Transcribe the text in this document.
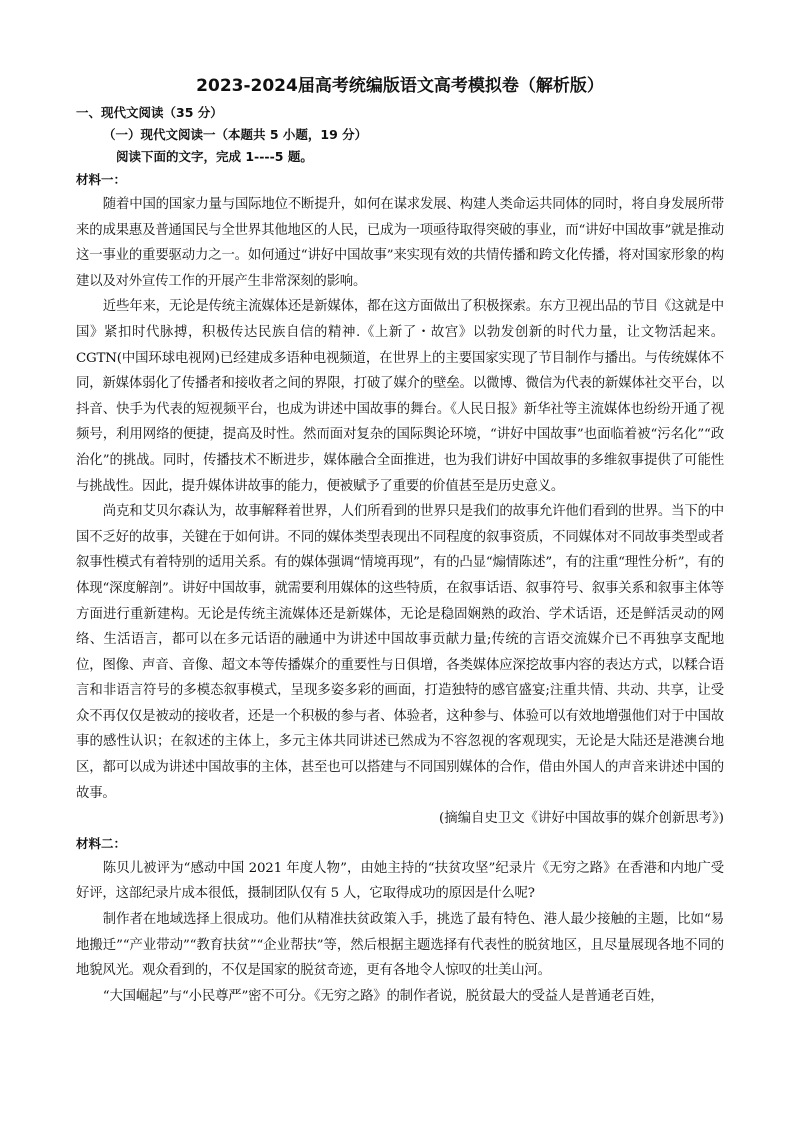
2023-2024届高考统编版语文高考模拟卷（解析版）

一、现代文阅读（35 分）

（一）现代文阅读一（本题共 5 小题，19 分）

阅读下面的文字，完成 1----5 题。

材料一：

随着中国的国家力量与国际地位不断提升，如何在谋求发展、构建人类命运共同体的同时，将自身发展所带来的成果惠及普通国民与全世界其他地区的人民，已成为一项亟待取得突破的事业，而“讲好中国故事”就是推动这一事业的重要驱动力之一。如何通过“讲好中国故事”来实现有效的共情传播和跨文化传播，将对国家形象的构建以及对外宣传工作的开展产生非常深刻的影响。

近些年来，无论是传统主流媒体还是新媒体，都在这方面做出了积极探索。东方卫视出品的节目《这就是中国》紧扣时代脉搏，积极传达民族自信的精神.《上新了・故宫》以勃发创新的时代力量，让文物活起来。CGTN(中国环球电视网)已经建成多语种电视频道，在世界上的主要国家实现了节目制作与播出。与传统媒体不同，新媒体弱化了传播者和接收者之间的界限，打破了媒介的壁垒。以微博、微信为代表的新媒体社交平台，以抖音、快手为代表的短视频平台，也成为讲述中国故事的舞台。《人民日报》新华社等主流媒体也纷纷开通了视频号，利用网络的便捷，提高及时性。然而面对复杂的国际舆论环境，“讲好中国故事”也面临着被“污名化”“政治化”的挑战。同时，传播技术不断进步，媒体融合全面推进，也为我们讲好中国故事的多维叙事提供了可能性与挑战性。因此，提升媒体讲故事的能力，便被赋予了重要的价值甚至是历史意义。

尚克和艾贝尔森认为，故事解释着世界，人们所看到的世界只是我们的故事允许他们看到的世界。当下的中国不乏好的故事，关键在于如何讲。不同的媒体类型表现出不同程度的叙事资质，不同媒体对不同故事类型或者叙事性模式有着特别的适用关系。有的媒体强调“情境再现”，有的凸显“煽情陈述”，有的注重“理性分析”，有的体现“深度解剖”。讲好中国故事，就需要利用媒体的这些特质，在叙事话语、叙事符号、叙事关系和叙事主体等方面进行重新建构。无论是传统主流媒体还是新媒体，无论是稳固娴熟的政治、学术话语，还是鲜活灵动的网络、生活语言，都可以在多元话语的融通中为讲述中国故事贡献力量;传统的言语交流媒介已不再独享支配地位，图像、声音、音像、超文本等传播媒介的重要性与日俱增，各类媒体应深挖故事内容的表达方式，以糅合语言和非语言符号的多模态叙事模式，呈现多姿多彩的画面，打造独特的感官盛宴;注重共情、共动、共享，让受众不再仅仅是被动的接收者，还是一个积极的参与者、体验者，这种参与、体验可以有效地增强他们对于中国故事的感性认识；在叙述的主体上，多元主体共同讲述已然成为不容忽视的客观现实，无论是大陆还是港澳台地区，都可以成为讲述中国故事的主体，甚至也可以搭建与不同国别媒体的合作，借由外国人的声音来讲述中国的故事。

(摘编自史卫文《讲好中国故事的媒介创新思考》)

材料二：

陈贝儿被评为“感动中国 2021 年度人物”，由她主持的“扶贫攻坚”纪录片《无穷之路》在香港和内地广受好评，这部纪录片成本很低，摄制团队仅有 5 人，它取得成功的原因是什么呢?

制作者在地域选择上很成功。他们从精准扶贫政策入手，挑选了最有特色、港人最少接触的主题，比如“易地搬迁”“产业带动”“教育扶贫”“企业帮扶”等，然后根据主题选择有代表性的脱贫地区，且尽量展现各地不同的地貌风光。观众看到的，不仅是国家的脱贫奇迹，更有各地令人惊叹的壮美山河。

“大国崛起”与“小民尊严”密不可分。《无穷之路》的制作者说，脱贫最大的受益人是普通老百姓，
